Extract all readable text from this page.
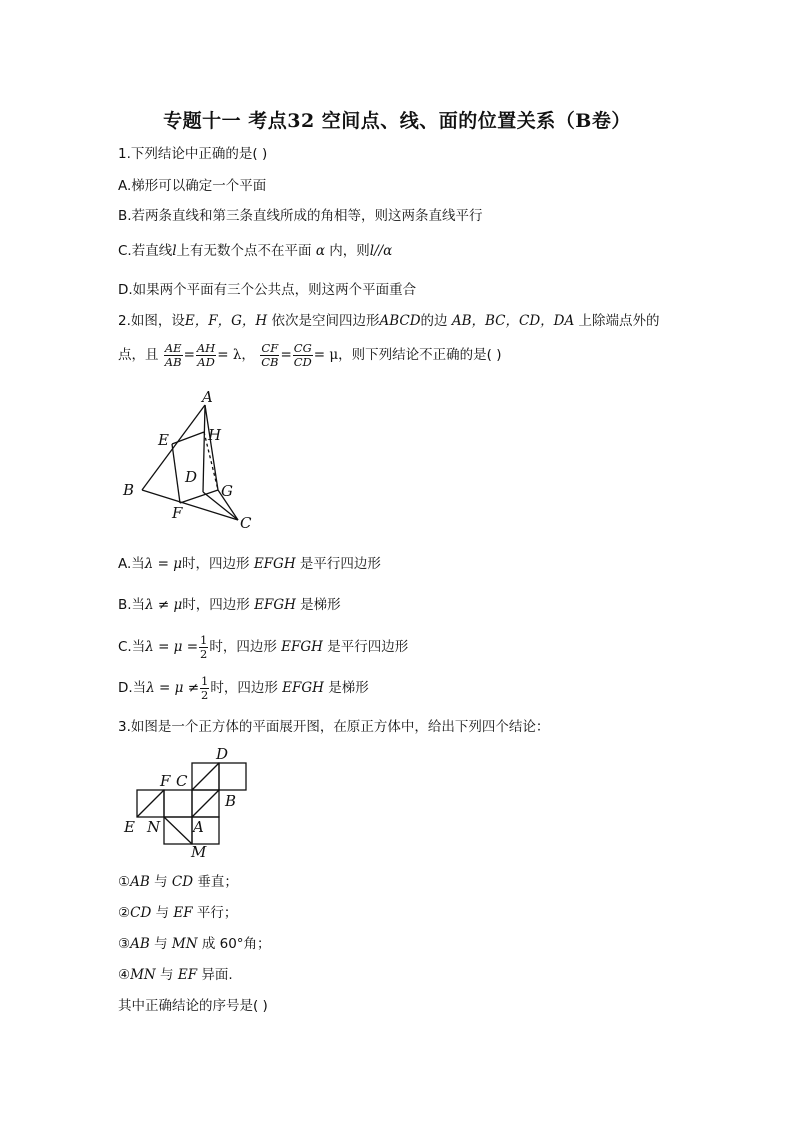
专题十一 考点32 空间点、线、面的位置关系（B卷）
1.下列结论中正确的是( )
A.梯形可以确定一个平面
B.若两条直线和第三条直线所成的角相等，则这两条直线平行
C.若直线l上有无数个点不在平面 α 内，则l//α
D.如果两个平面有三个公共点，则这两个平面重合
2.如图，设E，F，G，H 依次是空间四边形ABCD的边 AB，BC，CD，DA 上除端点外的
点，且 $\frac{AE}{AB} = \frac{AH}{AD} = \lambda$， $\frac{CF}{CB} = \frac{CG}{CD} = \mu$，则下列结论不正确的是( )
A
E	H
B
D
G
F
C
A.当λ = μ时，四边形 EFGH 是平行四边形
B.当λ ≠ μ时，四边形 EFGH 是梯形
C.当$\lambda = \mu = \frac{1}{2}$ 时，四边形 EFGH 是平行四边形
D.当$\lambda = \mu \ne \frac{1}{2}$ 时，四边形 EFGH 是梯形
3.如图是一个正方体的平面展开图，在原正方体中，给出下列四个结论：
D
F C
B
E N A
M
①AB 与 CD 垂直；
②CD 与 EF 平行；
③AB 与 MN 成 60°角；
④MN 与 EF 异面.
其中正确结论的序号是( )
